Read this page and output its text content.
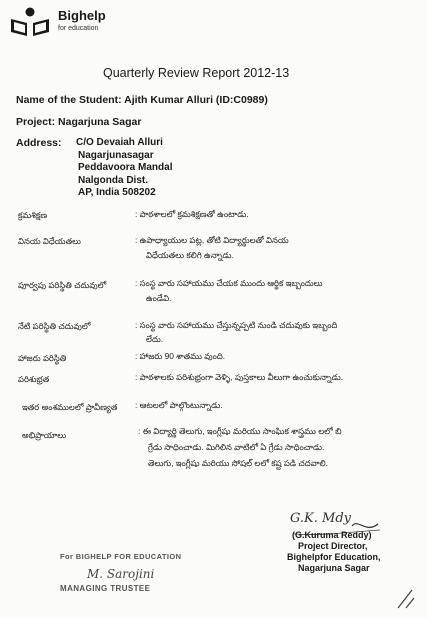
Bighelp
for education
Quarterly Review Report 2012-13
Name of the Student: Ajith Kumar Alluri (ID:C0989)
Project: Nagarjuna Sagar
Address: C/O Devaiah Alluri
Nagarjunasagar
Peddavoora Mandal
Nalgonda Dist.
AP, India 508202
క్రమశిక్షణ	: పాఠశాలలో క్రమశిక్షణతో ఉంటాడు.
వినయ విధేయతలు	: ఉపాధ్యాయుల పట్ల, తోటి విద్యార్థులతో వినయ
విధేయతలు కలిగి ఉన్నాడు.
పూర్వపు పరిస్థితి చదువులో	: సంస్థ వారు సహాయము చేయక ముందు ఆర్థిక ఇబ్బందులు
ఉండేవి.
నేటి పరిస్థితి చదువులో	: సంస్థ వారు సహాయము చేస్తున్నప్పటి నుండి చదువుకు ఇబ్బంది
లేదు.
హాజరు పరిస్థితి	: హాజరు 90 శాతము వుంది.
పరిశుభ్రత	: పాఠశాలకు పరిశుభ్రంగా వెళ్ళి, పుస్తకాలు వీలుగా ఉంచుకున్నాడు.
ఇతర అంశములలో ప్రావీణ్యత : ఆటలలో పాల్గొంటున్నాడు.
అభిప్రాయాలు	: ఈ విద్యార్థి తెలుగు, ఇంగ్లీషు మరియు సాంఘిక శాస్త్రము లలో బి
గ్రేడు సాధించాడు. మిగిలిన వాటిలో ఏ గ్రేడు సాధించాడు.
తెలుగు, ఇంగ్లీషు మరియు సోషల్ లలో కష్ట పడి చదవాలి.
G.K. Mdy
(G.Kuruma Reddy)
Project Director,
Bighelpfor Education,
Nagarjuna Sagar
For BIGHELP FOR EDUCATION
M. Sarojini
MANAGING TRUSTEE
